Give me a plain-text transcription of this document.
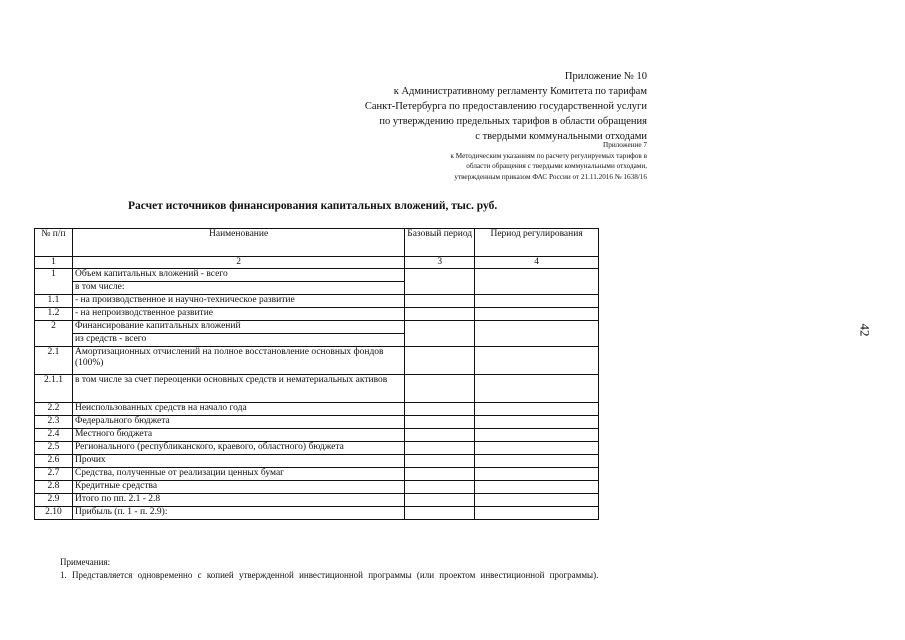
Приложение № 10
к Административному регламенту Комитета по тарифам
Санкт-Петербурга по предоставлению государственной услуги
по утверждению предельных тарифов в области обращения
с твердыми коммунальными отходами
Приложение 7
к Методическим указаниям по расчету регулируемых тарифов в
области обращения с твердыми коммунальными отходами,
утвержденным приказом ФАС России от 21.11.2016 № 1638/16
42
Расчет источников финансирования капитальных вложений, тыс. руб.
№ п/п	Наименование	Базовый период	Период регулирования
1	2	3	4
1	Объем капитальных вложений - всего		
	в том числе:		
1.1	- на производственное и научно-техническое развитие		
1.2	- на непроизводственное развитие		
2	Финансирование капитальных вложений		
	из средств - всего		
2.1	Амортизационных отчислений на полное восстановление основных фондов (100%)		
2.1.1	в том числе за счет переоценки основных средств и нематериальных активов		
2.2	Неиспользованных средств на начало года		
2.3	Федерального бюджета		
2.4	Местного бюджета		
2.5	Регионального (республиканского, краевого, областного) бюджета		
2.6	Прочих		
2.7	Средства, полученные от реализации ценных бумаг		
2.8	Кредитные средства		
2.9	Итого по пп. 2.1 - 2.8		
2.10	Прибыль (п. 1 - п. 2.9):		
Примечания:
1. Представляется одновременно с копией утвержденной инвестиционной программы (или проектом инвестиционной программы).
